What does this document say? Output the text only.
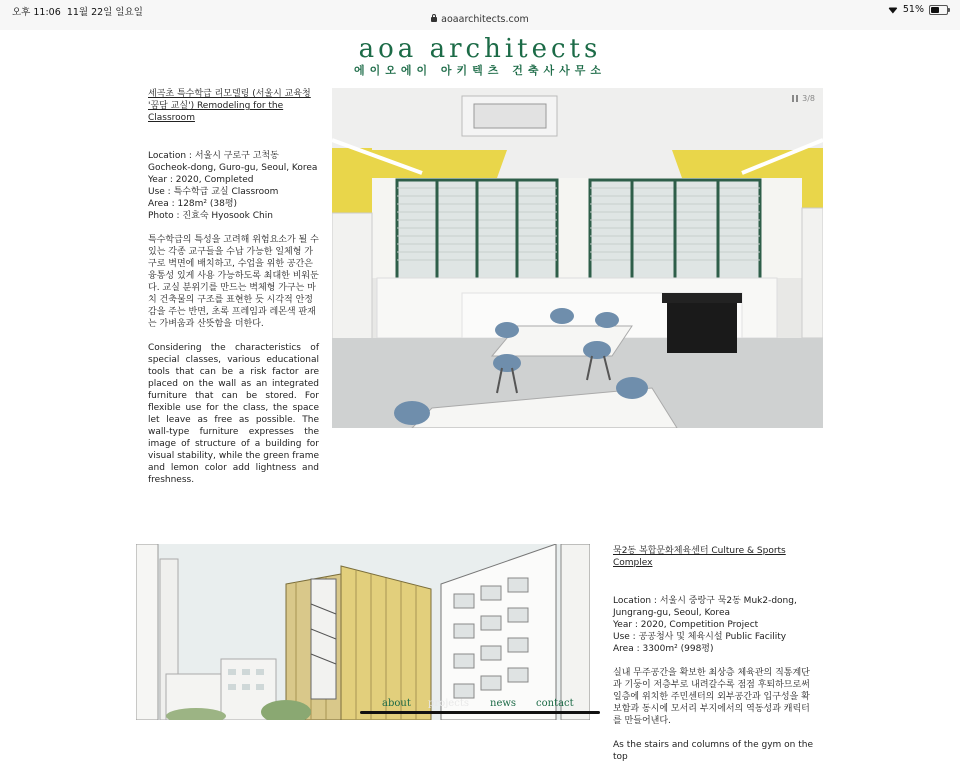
오후 11:06 11월 22일 일요일
aoaarchitects.com
51%
aoa architects
에이오에이 아키텍츠 건축사사무소
세곡초 특수학급 리모델링 (서울시 교육청 '꿈담 교실') Remodeling for the Classroom
Location : 서울시 구로구 고척동 Gocheok-dong, Guro-gu, Seoul, Korea
Year : 2020, Completed
Use : 특수학급 교실 Classroom
Area : 128m² (38평)
Photo : 진효숙 Hyosook Chin
특수학급의 특성을 고려해 위험요소가 될 수 있는 각종 교구들을 수납 가능한 일체형 가구로 벽면에 배치하고, 수업을 위한 공간은 융통성 있게 사용 가능하도록 최대한 비워둔다. 교실 분위기를 만드는 벽체형 가구는 마치 건축물의 구조를 표현한 듯 시각적 안정감을 주는 반면, 초록 프레임과 레몬색 판재는 가벼움과 산뜻함을 더한다.
Considering the characteristics of special classes, various educational tools that can be a risk factor are placed on the wall as an integrated furniture that can be stored. For flexible use for the class, the space let leave as free as possible. The wall-type furniture expresses the image of structure of a building for visual stability, while the green frame and lemon color add lightness and freshness.
3/8
묵2동 복합문화체육센터 Culture & Sports Complex
Location : 서울시 중랑구 묵2동 Muk2-dong, Jungrang-gu, Seoul, Korea
Year : 2020, Competition Project
Use : 공공청사 및 체육시설 Public Facility
Area : 3300m² (998평)
실내 무주공간을 확보한 최상층 체육관의 직통계단과 기둥이 저층부로 내려갈수록 점점 후퇴하므로써 일층에 위치한 주민센터의 외부공간과 입구성을 확보함과 동시에 모서리 부지에서의 역동성과 캐릭터를 만들어낸다.
As the stairs and columns of the gym on the top
about projects news contact
